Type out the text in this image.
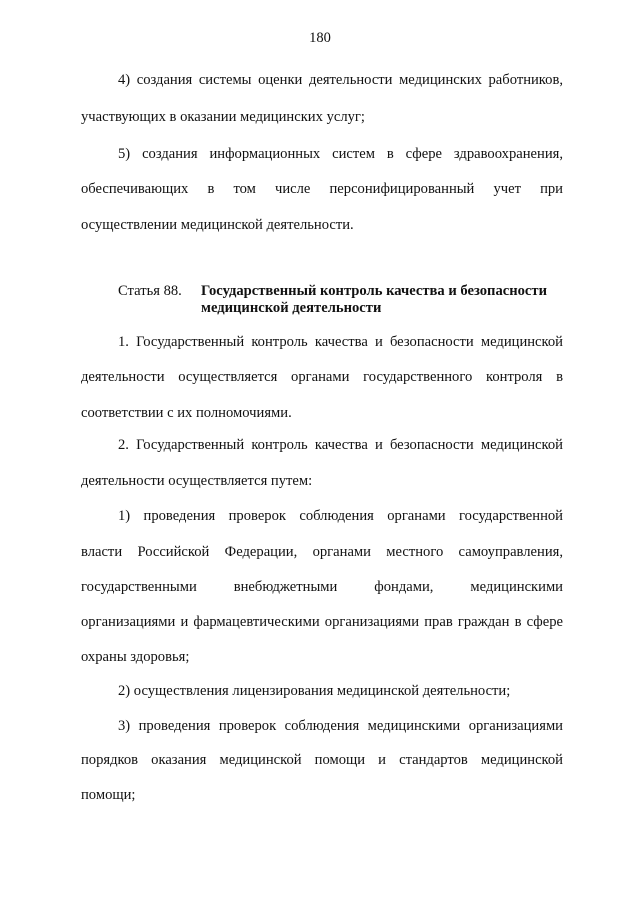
180
4) создания системы оценки деятельности медицинских работников,
участвующих в оказании медицинских услуг;
5) создания информационных систем в сфере здравоохранения,
обеспечивающих в том числе персонифицированный учет при
осуществлении медицинской деятельности.
Статья 88. Государственный контроль качества и безопасности медицинской деятельности
1. Государственный контроль качества и безопасности медицинской
деятельности осуществляется органами государственного контроля в
соответствии с их полномочиями.
2. Государственный контроль качества и безопасности медицинской
деятельности осуществляется путем:
1) проведения проверок соблюдения органами государственной
власти Российской Федерации, органами местного самоуправления,
государственными внебюджетными фондами, медицинскими
организациями и фармацевтическими организациями прав граждан в сфере
охраны здоровья;
2) осуществления лицензирования медицинской деятельности;
3) проведения проверок соблюдения медицинскими организациями
порядков оказания медицинской помощи и стандартов медицинской
помощи;
